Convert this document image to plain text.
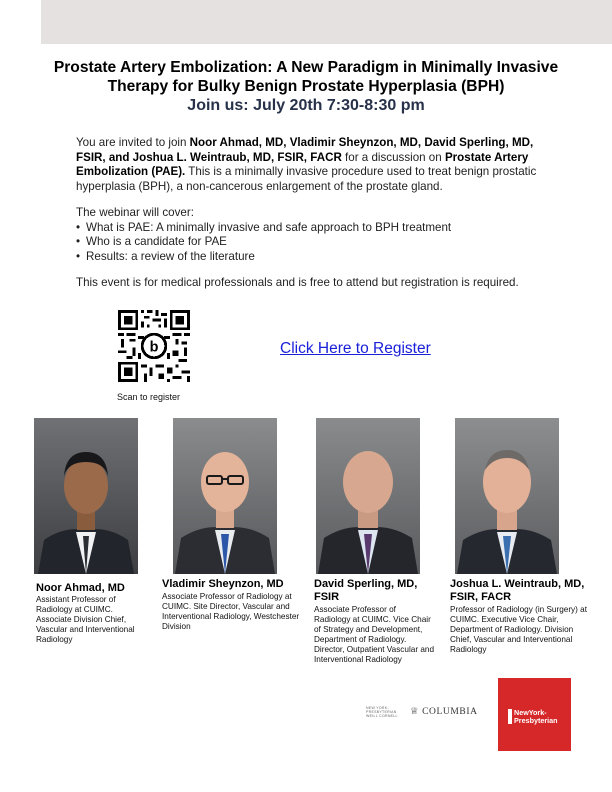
Prostate Artery Embolization: A New Paradigm in Minimally Invasive
Therapy for Bulky Benign Prostate Hyperplasia (BPH)
Join us: July 20th 7:30-8:30 pm
You are invited to join Noor Ahmad, MD, Vladimir Sheynzon, MD, David Sperling, MD, FSIR, and Joshua L. Weintraub, MD, FSIR, FACR for a discussion on Prostate Artery Embolization (PAE). This is a minimally invasive procedure used to treat benign prostatic hyperplasia (BPH), a non-cancerous enlargement of the prostate gland.
The webinar will cover:
• What is PAE: A minimally invasive and safe approach to BPH treatment
• Who is a candidate for PAE
• Results: a review of the literature
This event is for medical professionals and is free to attend but registration is required.
b
Scan to register
Click Here to Register
Noor Ahmad, MD
Assistant Professor of Radiology at CUIMC. Associate Division Chief, Vascular and Interventional Radiology
Vladimir Sheynzon, MD
Associate Professor of Radiology at CUIMC. Site Director, Vascular and Interventional Radiology, Westchester Division
David Sperling, MD, FSIR
Associate Professor of Radiology at CUIMC. Vice Chair of Strategy and Development, Department of Radiology. Director, Outpatient Vascular and Interventional Radiology
Joshua L. Weintraub, MD, FSIR, FACR
Professor of Radiology (in Surgery) at CUIMC. Executive Vice Chair, Department of Radiology. Division Chief, Vascular and Interventional Radiology
NEW YORK-PRESBYTERIAN WEILL CORNELL	♕ COLUMBIA	NewYork-Presbyterian
